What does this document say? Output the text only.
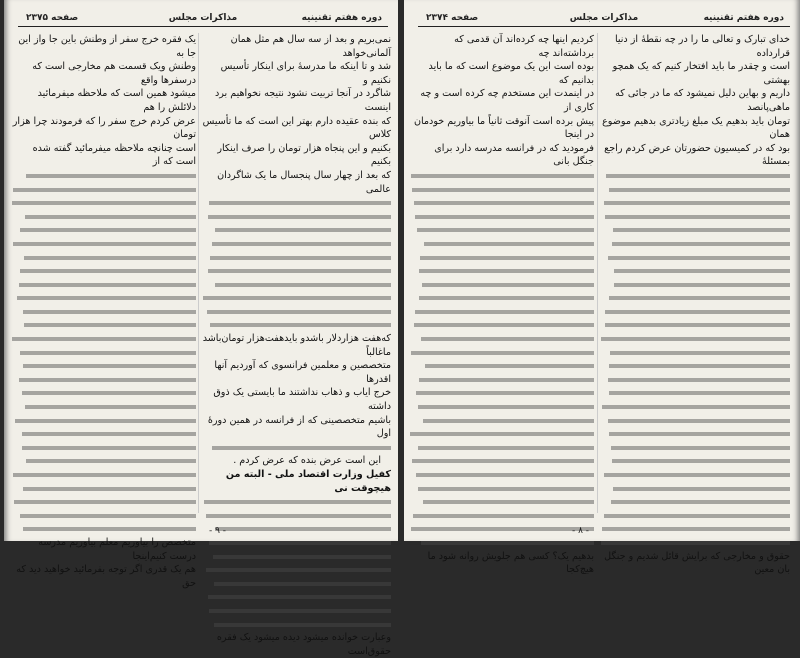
دوره هفتم تقنینیه
مذاکرات مجلس
صفحه ۲۳۷۵
نمی‌بریم و بعد از سه سال هم مثل همان آلمانی‌خواهد
شد و تا اینکه ما مدرسهٔ برای اینکار تأسیس نکنیم و
شاگرد در آنجا تربیت نشود نتیجه نخواهیم برد اینست
که بنده عقیده دارم بهتر این است که ما تأسیس کلاس
بکنیم و این پنجاه هزار تومان را صرف اینکار بکنیم
که بعد از چهار سال پنجسال ما یک شاگردان عالمی
که‌هفت هزاردلار باشدو بایدهفت‌هزار تومان‌باشد ماغالباً
متخصصین و معلمین فرانسوی که آوردیم آنها اقدرها
خرج ایاب و ذهاب نداشتند ما بایستی یک ذوق داشته
باشیم متخصصینی که از فرانسه در همین دورهٔ اول
این است عرض بنده که عرض کردم .
کفیل وزارت اقتصاد ملی - البته من هیچوقت نی
وعبارت خوانده میشود دیده میشود یک فقره حقوق‌است
یک فقره خرج سفر از وطنش باین جا واز این جا به
وطنش ویک قسمت هم مخارجی است که درسفرها واقع
میشود همین است که ملاحظه میفرمائید دلائلش را هم
عرض کردم خرج سفر را که فرمودند چرا هزار تومان
است چنانچه ملاحظه میفرمائید گفته شده است که از
متخصص را بیاوریم معلم بیاوریم مدرسه درست کنیم‌اینجا
هم یک قدری اگر توجه بفرمائید خواهید دید که حق
- ۹ -
دوره هفتم تقنینیه
مذاکرات مجلس
صفحه ۲۳۷۴
خدای تبارک و تعالی ما را در چه نقطهٔ از دنیا قرارداده
است و چقدر ما باید افتخار کنیم که یک همچو بهشتی
داریم و بهاین دلیل نمیشود که ما در جائی که ماهی‌پانصد
تومان باید بدهیم یک مبلغ زیادتری بدهیم موضوع همان
بود که در کمیسیون حضورتان عرض کردم راجع بمسئلهٔ
حقوق و مخارجی که برایش قائل شدیم و جنگل بان معین
کردیم اینها چه کرده‌اند آن قدمی که برداشته‌اند چه
بوده است این یک موضوع است که ما باید بدانیم که
در اینمدت این مستخدم چه کرده است و چه کاری از
پیش برده است آنوقت ثانیاً ما بیاوریم خودمان در اینجا
فرمودید که در فرانسه مدرسه دارد برای جنگل بانی
بدهیم یک؟ کسی هم جلویش روانه شود ما هیچ‌کجا
- ۸ -
